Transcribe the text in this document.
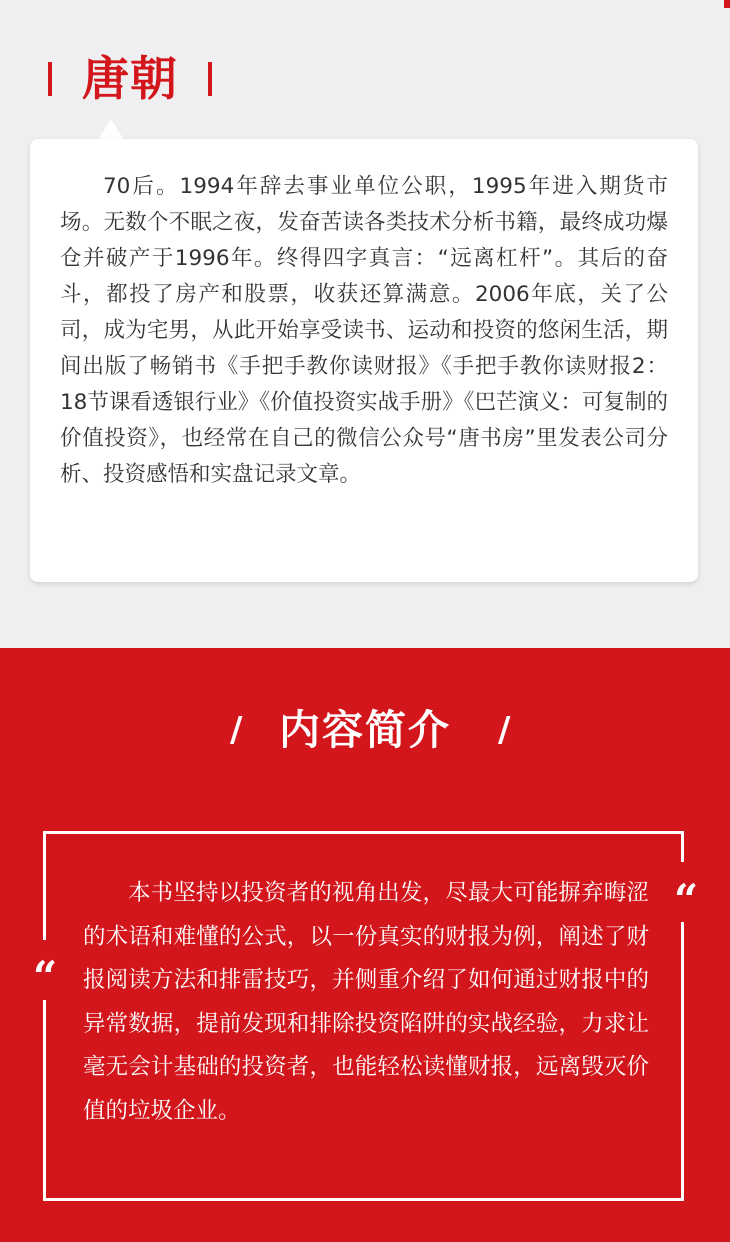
唐朝

70后。1994年辞去事业单位公职，1995年进入期货市场。无数个不眠之夜，发奋苦读各类技术分析书籍，最终成功爆仓并破产于1996年。终得四字真言：“远离杠杆”。其后的奋斗，都投了房产和股票，收获还算满意。2006年底，关了公司，成为宅男，从此开始享受读书、运动和投资的悠闲生活，期间出版了畅销书《手把手教你读财报》《手把手教你读财报2：18节课看透银行业》《价值投资实战手册》《巴芒演义：可复制的价值投资》，也经常在自己的微信公众号“唐书房”里发表公司分析、投资感悟和实盘记录文章。

/ 内容简介	/
“
“

本书坚持以投资者的视角出发，尽最大可能摒弃晦涩的术语和难懂的公式，以一份真实的财报为例，阐述了财报阅读方法和排雷技巧，并侧重介绍了如何通过财报中的异常数据，提前发现和排除投资陷阱的实战经验，力求让毫无会计基础的投资者，也能轻松读懂财报，远离毁灭价值的垃圾企业。
